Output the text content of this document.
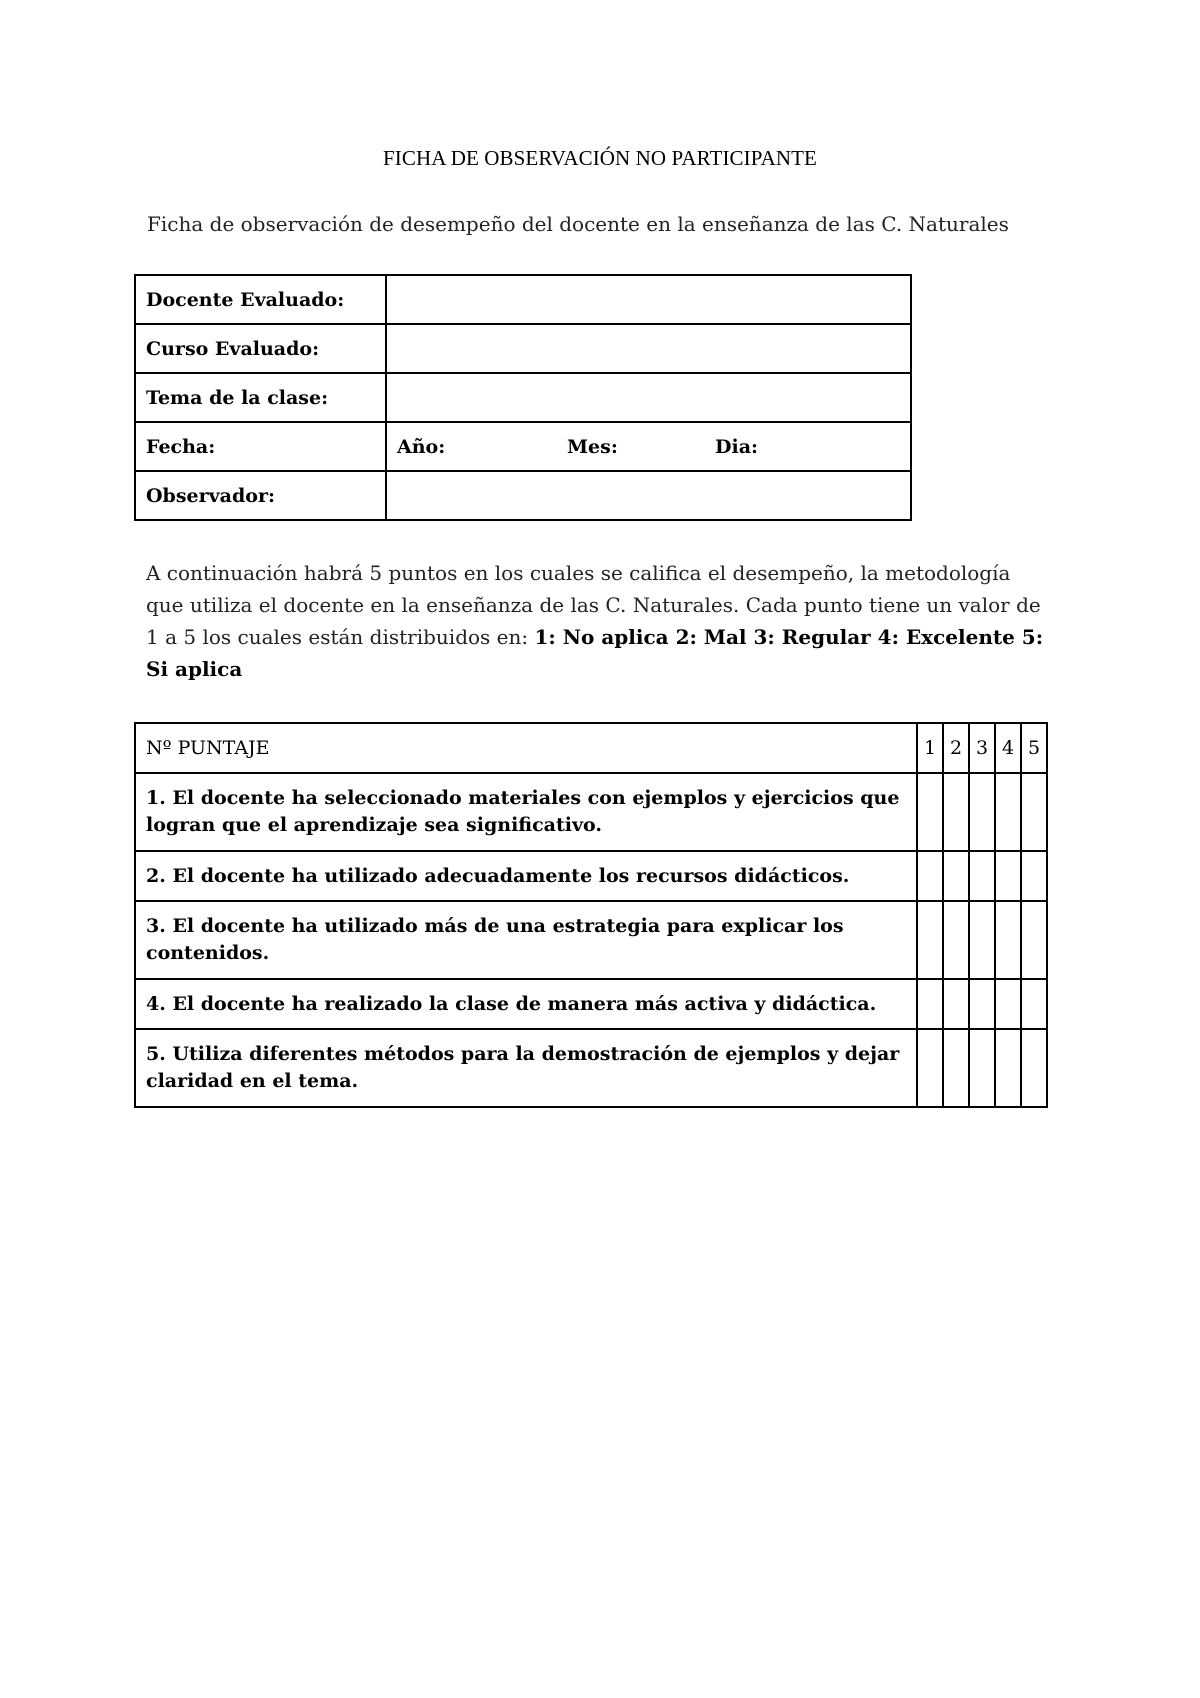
FICHA DE OBSERVACIÓN NO PARTICIPANTE
Ficha de observación de desempeño del docente en la enseñanza de las C. Naturales
Docente Evaluado:	
Curso Evaluado:	
Tema de la clase:	
Fecha:	Año: Mes: Dia:
Observador:	
A continuación habrá 5 puntos en los cuales se califica el desempeño, la metodología que utiliza el docente en la enseñanza de las C. Naturales. Cada punto tiene un valor de 1 a 5 los cuales están distribuidos en: 1: No aplica 2: Mal 3: Regular 4: Excelente 5: Si aplica
Nº PUNTAJE	1	2	3	4	5
1. El docente ha seleccionado materiales con ejemplos y ejercicios que logran que el aprendizaje sea significativo.					
2. El docente ha utilizado adecuadamente los recursos didácticos.					
3. El docente ha utilizado más de una estrategia para explicar los contenidos.					
4. El docente ha realizado la clase de manera más activa y didáctica.					
5. Utiliza diferentes métodos para la demostración de ejemplos y dejar claridad en el tema.					
